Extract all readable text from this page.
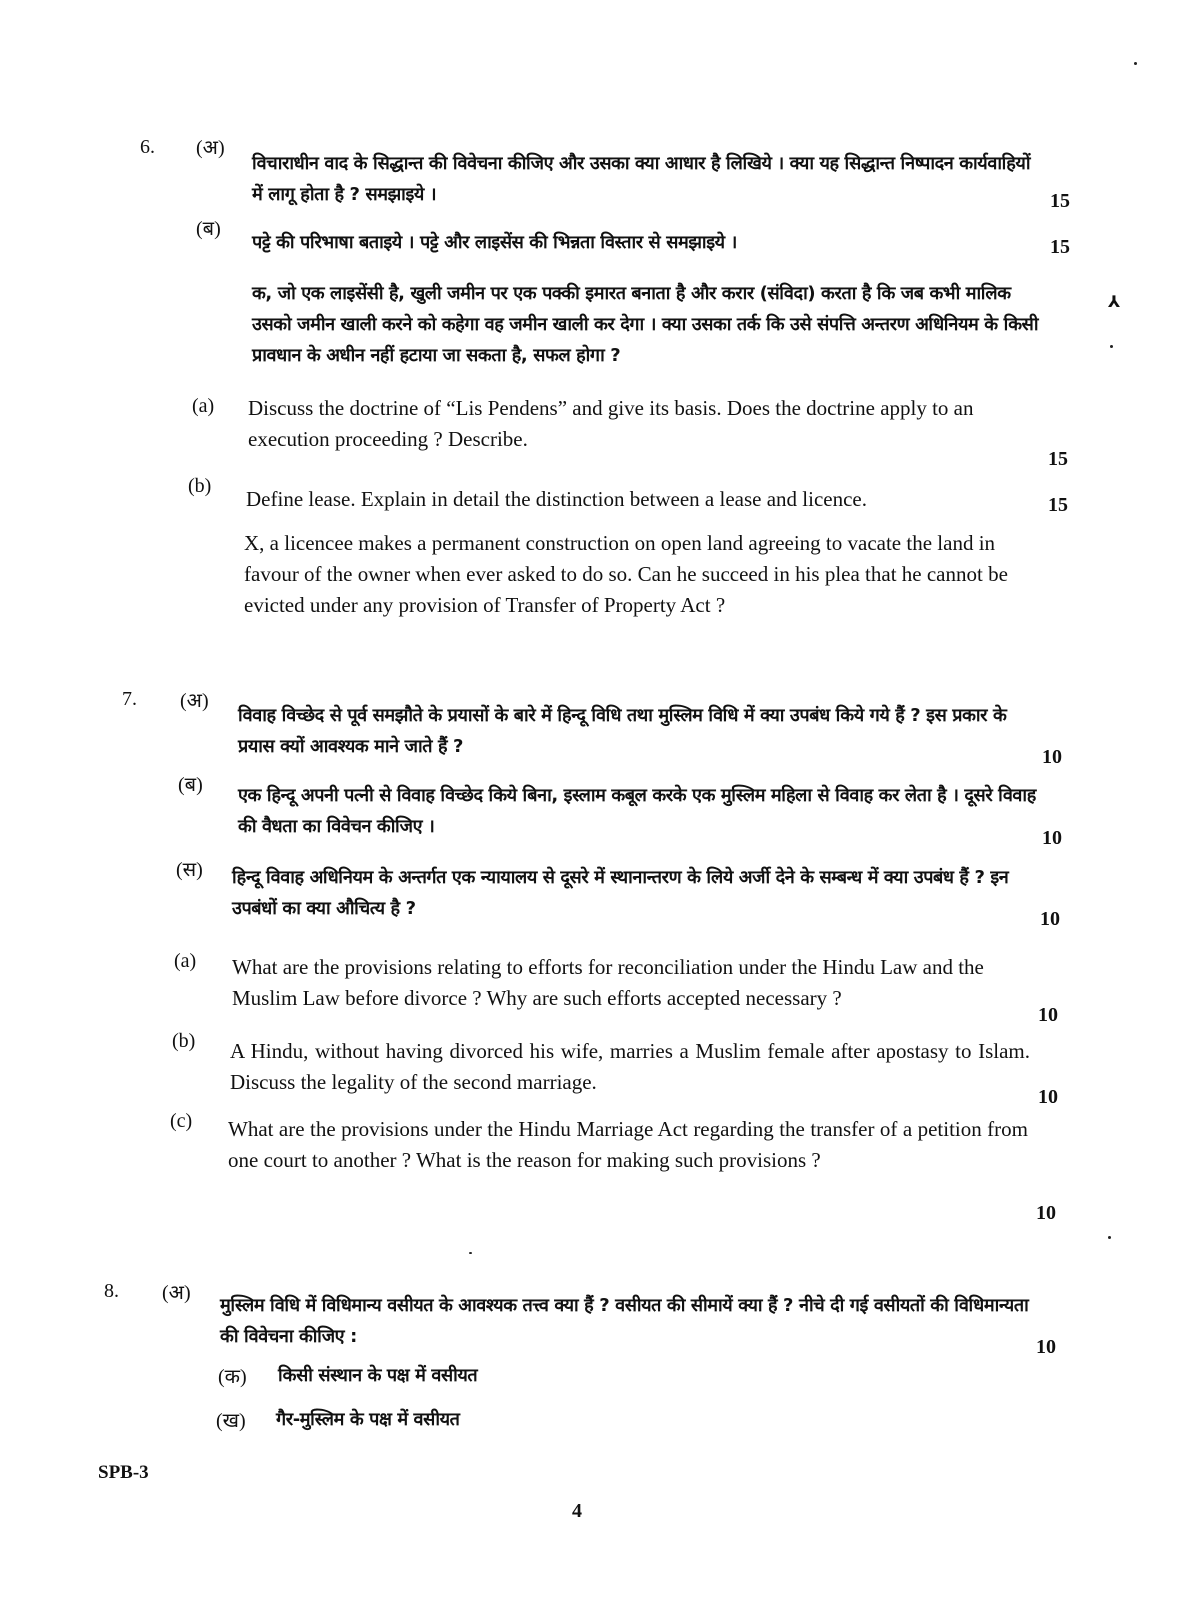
6. (अ)
विचाराधीन वाद के सिद्धान्त की विवेचना कीजिए और उसका क्या आधार है लिखिये । क्या यह सिद्धान्त निष्पादन कार्यवाहियों में लागू होता है ? समझाइये ।	15
(ब)
पट्टे की परिभाषा बताइये । पट्टे और लाइसेंस की भिन्नता विस्तार से समझाइये ।	15
क, जो एक लाइसेंसी है, खुली जमीन पर एक पक्की इमारत बनाता है और करार (संविदा) करता है कि जब कभी मालिक उसको जमीन खाली करने को कहेगा वह जमीन खाली कर देगा । क्या उसका तर्क कि उसे संपत्ति अन्तरण अधिनियम के किसी प्रावधान के अधीन नहीं हटाया जा सकता है, सफल होगा ?
(a) Discuss the doctrine of “Lis Pendens” and give its basis. Does the doctrine apply to an execution proceeding ? Describe.
15
(b)
Define lease. Explain in detail the distinction between a lease and licence.	15
X, a licencee makes a permanent construction on open land agreeing to vacate the land in favour of the owner when ever asked to do so. Can he succeed in his plea that he cannot be evicted under any provision of Transfer of Property Act ?
7. (अ)
विवाह विच्छेद से पूर्व समझौते के प्रयासों के बारे में हिन्दू विधि तथा मुस्लिम विधि में क्या उपबंध किये गये हैं ? इस प्रकार के प्रयास क्यों आवश्यक माने जाते हैं ?	10
(ब) एक हिन्दू अपनी पत्नी से विवाह विच्छेद किये बिना, इस्लाम कबूल करके एक मुस्लिम महिला से विवाह कर लेता है । दूसरे विवाह की वैधता का विवेचन कीजिए ।
10
(स) हिन्दू विवाह अधिनियम के अन्तर्गत एक न्यायालय से दूसरे में स्थानान्तरण के लिये अर्जी देने के सम्बन्ध में क्या उपबंध हैं ? इन उपबंधों का क्या औचित्य है ?	10
(a) What are the provisions relating to efforts for reconciliation under the Hindu Law and the Muslim Law before divorce ? Why are such efforts accepted necessary ?
10
(b) A Hindu, without having divorced his wife, marries a Muslim female after apostasy to Islam. Discuss the legality of the second marriage.
10
(c) What are the provisions under the Hindu Marriage Act regarding the transfer of a petition from one court to another ? What is the reason for making such provisions ?
10
8. (अ)
मुस्लिम विधि में विधिमान्य वसीयत के आवश्यक तत्त्व क्या हैं ? वसीयत की सीमायें क्या हैं ? नीचे दी गई वसीयतों की विधिमान्यता की विवेचना कीजिए :	10
(क) किसी संस्थान के पक्ष में वसीयत
(ख) गैर-मुस्लिम के पक्ष में वसीयत
SPB-3
4
⅄
